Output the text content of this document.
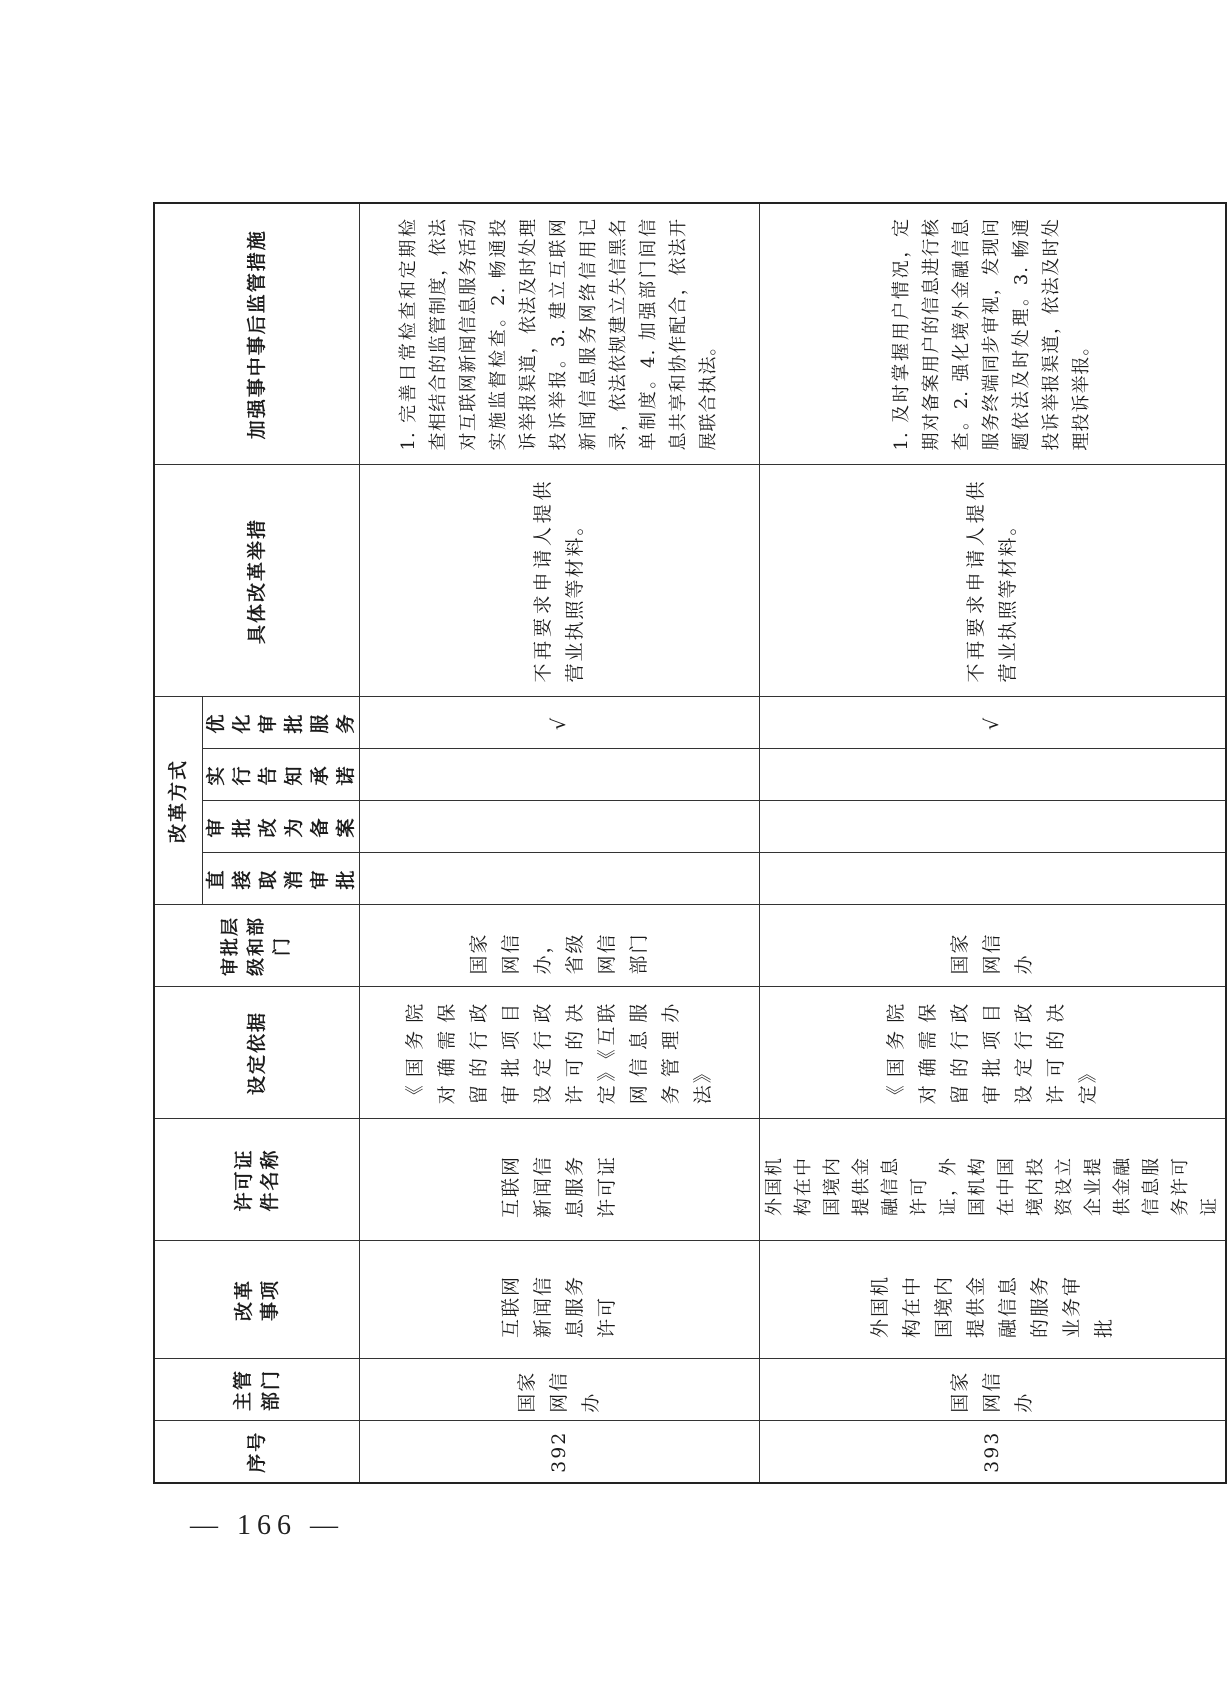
序号	主管部门	改革事项	许可证件名称	设定依据	审批层级和部门	改革方式				具体改革举措	加强事中事后监管措施
						直接取消审批	审批改为备案	实行告知承诺	优化审批服务		
392	国家网信办	互联网新闻信息服务许可	互联网新闻信息服务许可证	《国务院对确需保留的行政审批项目设定行政许可的决定》《互联网信息服务管理办法》	国家网信办，省级网信部门				√	不再要求申请人提供营业执照等材料。	1. 完善日常检查和定期检查相结合的监管制度，依法对互联网新闻信息服务活动实施监督检查。2. 畅通投诉举报渠道，依法及时处理投诉举报。3. 建立互联网新闻信息服务网络信用记录，依法依规建立失信黑名单制度。4. 加强部门间信息共享和协作配合，依法开展联合执法。

393	国家网信办	外国机构在中国境内提供金融信息的服务业务审批	外国机构在中国境内提供金融信息许可证，外国机构在中国境内投资设立企业提供金融信息服务许可证	《国务院对确需保留的行政审批项目设定行政许可的决定》	国家网信办				√	不再要求申请人提供营业执照等材料。	1. 及时掌握用户情况，定期对备案用户的信息进行核查。2. 强化境外金融信息服务终端同步审视，发现问题依法及时处理。3. 畅通投诉举报渠道，依法及时处理投诉举报。
— 166 —
